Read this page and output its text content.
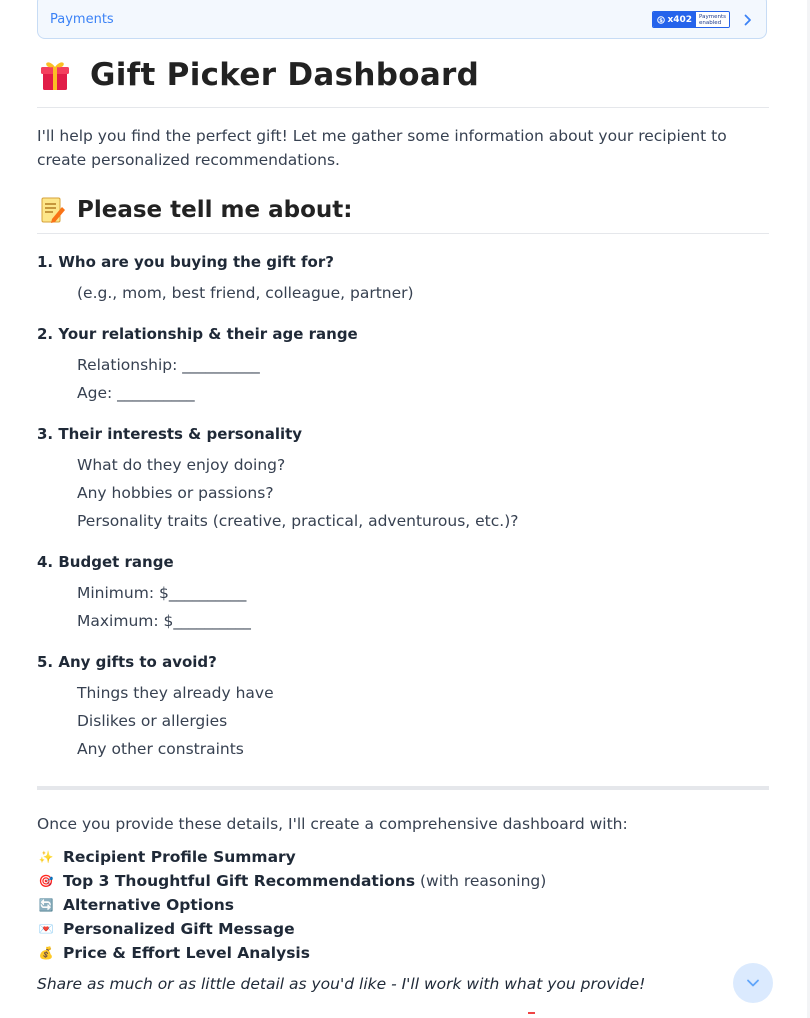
Payments	$ x402 Payments
enabled
Gift Picker Dashboard
I'll help you find the perfect gift! Let me gather some information about your recipient to create personalized recommendations.
Please tell me about:
1. Who are you buying the gift for?
(e.g., mom, best friend, colleague, partner)
2. Your relationship & their age range
Relationship: __________
Age: __________
3. Their interests & personality
What do they enjoy doing?
Any hobbies or passions?
Personality traits (creative, practical, adventurous, etc.)?
4. Budget range
Minimum: $__________
Maximum: $__________
5. Any gifts to avoid?
Things they already have
Dislikes or allergies
Any other constraints
Once you provide these details, I'll create a comprehensive dashboard with:
✨ Recipient Profile Summary
🎯 Top 3 Thoughtful Gift Recommendations (with reasoning)
🔄 Alternative Options
💌 Personalized Gift Message
💰 Price & Effort Level Analysis
Share as much or as little detail as you'd like - I'll work with what you provide!
